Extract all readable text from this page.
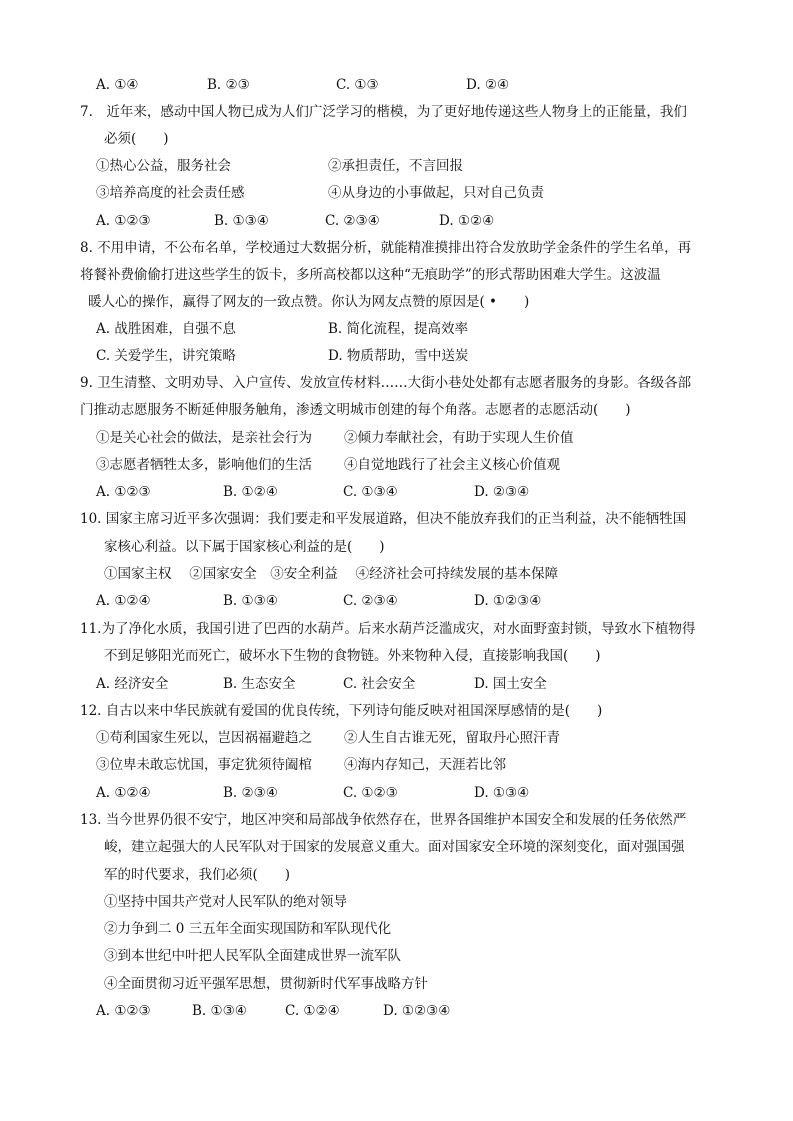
A. ①④	B. ②③	C. ①③	D. ②④
7.　近年来，感动中国人物已成为人们广泛学习的楷模，为了更好地传递这些人物身上的正能量，我们
必须(　　)
①热心公益，服务社会	②承担责任，不言回报
③培养高度的社会责任感	④从身边的小事做起，只对自己负责
A. ①②③	B. ①③④	C. ②③④	D. ①②④
8. 不用申请，不公布名单，学校通过大数据分析，就能精准摸排出符合发放助学金条件的学生名单，再
将餐补费偷偷打进这些学生的饭卡，多所高校都以这种“无痕助学”的形式帮助困难大学生。这波温
暖人心的操作，赢得了网友的一致点赞。你认为网友点赞的原因是( •　　)
A. 战胜困难，自强不息	B. 简化流程，提高效率
C. 关爱学生，讲究策略	D. 物质帮助，雪中送炭
9. 卫生清整、文明劝导、入户宣传、发放宣传材料……大街小巷处处都有志愿者服务的身影。各级各部
门推动志愿服务不断延伸服务触角，渗透文明城市创建的每个角落。志愿者的志愿活动(　　)
①是关心社会的做法，是亲社会行为 ②倾力奉献社会，有助于实现人生价值
③志愿者牺牲太多，影响他们的生活 ④自觉地践行了社会主义核心价值观
A. ①②③	B. ①②④	C. ①③④	D. ②③④
10. 国家主席习近平多次强调：我们要走和平发展道路，但决不能放弃我们的正当利益，决不能牺牲国
家核心利益。以下属于国家核心利益的是(　　)
①国家主权　 ②国家安全　③安全利益　 ④经济社会可持续发展的基本保障
A. ①②④	B. ①③④	C. ②③④	D. ①②③④
11.为了净化水质，我国引进了巴西的水葫芦。后来水葫芦泛滥成灾，对水面野蛮封锁，导致水下植物得
不到足够阳光而死亡，破坏水下生物的食物链。外来物种入侵，直接影响我国(　　)
A. 经济安全	B. 生态安全	C. 社会安全	D. 国土安全
12. 自古以来中华民族就有爱国的优良传统，下列诗句能反映对祖国深厚感情的是(　　)
①苟利国家生死以，岂因祸福避趋之 ②人生自古谁无死，留取丹心照汗青
③位卑未敢忘忧国，事定犹须待阖棺 ④海内存知己，天涯若比邻
A. ①②④	B. ②③④	C. ①②③	D. ①③④
13. 当今世界仍很不安宁，地区冲突和局部战争依然存在，世界各国维护本国安全和发展的任务依然严
峻，建立起强大的人民军队对于国家的发展意义重大。面对国家安全环境的深刻变化，面对强国强
军的时代要求，我们必须(　　)
①坚持中国共产党对人民军队的绝对领导
②力争到二 0 三五年全面实现国防和军队现代化
③到本世纪中叶把人民军队全面建成世界一流军队
④全面贯彻习近平强军思想，贯彻新时代军事战略方针
A. ①②③	B. ①③④	C. ①②④	D. ①②③④
